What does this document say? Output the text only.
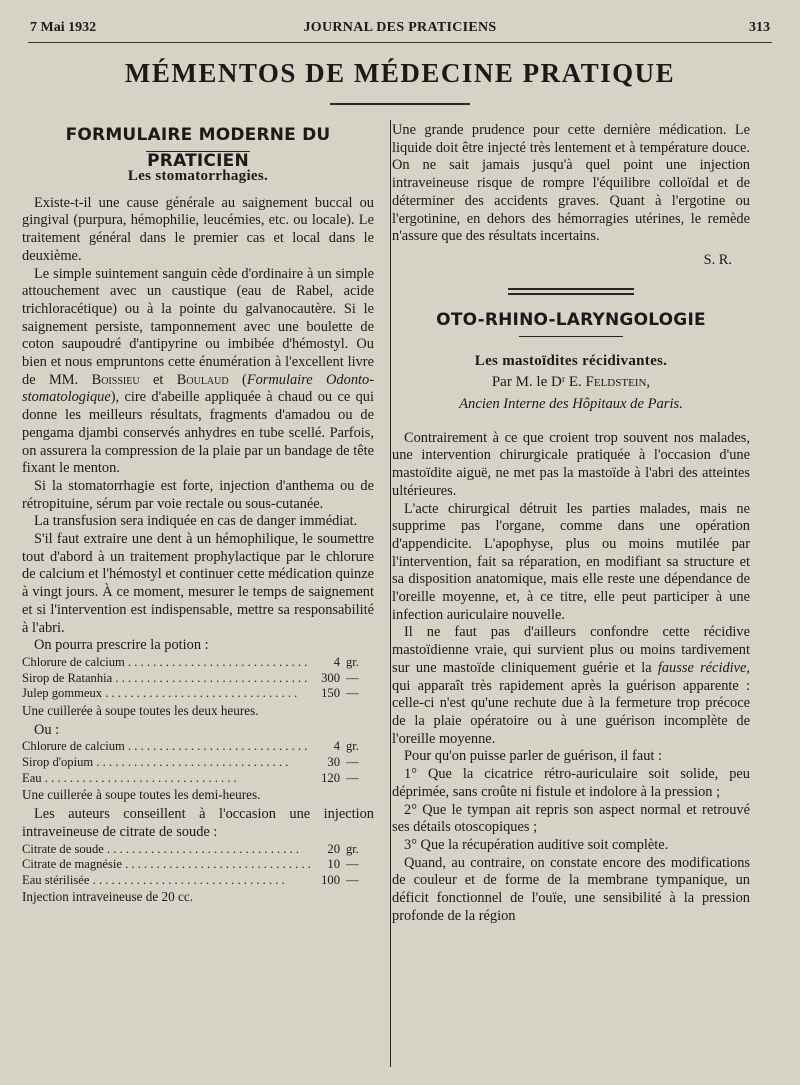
7 Mai 1932	JOURNAL DES PRATICIENS	313
MÉMENTOS DE MÉDECINE PRATIQUE
FORMULAIRE MODERNE DU PRATICIEN
Les stomatorrhagies.

Existe-t-il une cause générale au saignement buccal ou gingival (purpura, hémophilie, leucémies, etc. ou locale). Le traitement général dans le premier cas et local dans le deuxième.

Le simple suintement sanguin cède d'ordinaire à un simple attouchement avec un caustique (eau de Rabel, acide trichloracétique) ou à la pointe du galvanocautère. Si le saignement persiste, tamponnement avec une boulette de coton saupoudré d'antipyrine ou imbibée d'hémostyl. Ou bien et nous empruntons cette énumération à l'excellent livre de MM. Boissieu et Boulaud (Formulaire Odonto-stomatologique), cire d'abeille appliquée à chaud ou ce qui donne les meilleurs résultats, fragments d'amadou ou de pengama djambi conservés anhydres en tube scellé. Parfois, on assurera la compression de la plaie par un bandage de tête fixant le menton.

Si la stomatorrhagie est forte, injection d'anthema ou de rétropituine, sérum par voie rectale ou sous-cutanée.

La transfusion sera indiquée en cas de danger immédiat.

S'il faut extraire une dent à un hémophilique, le soumettre tout d'abord à un traitement prophylactique par le chlorure de calcium et l'hémostyl et continuer cette médication quinze à vingt jours. À ce moment, mesurer le temps de saignement et si l'intervention est indispensable, mettre sa responsabilité à l'abri.

On pourra prescrire la potion :

Chlorure de calcium . . .	4 gr.
Sirop de Ratanhia . . .	300 —
Julep gommeux . . .	150 —
Une cuillerée à soupe toutes les deux heures.

Ou :

Chlorure de calcium . . .	4 gr.
Sirop d'opium . . .	30 —
Eau . . .	120 —
Une cuillerée à soupe toutes les demi-heures.

Les auteurs conseillent à l'occasion une injection intraveineuse de citrate de soude :

Citrate de soude . . .	20 gr.
Citrate de magnésie . . .	10 —
Eau stérilisée . . .	100 —
Injection intraveineuse de 20 cc.

Une grande prudence pour cette dernière médication. Le liquide doit être injecté très lentement et à température douce. On ne sait jamais jusqu'à quel point une injection intraveineuse risque de rompre l'équilibre colloïdal et de déterminer des accidents graves. Quant à l'ergotine ou l'ergotinine, en dehors des hémorragies utérines, le remède n'assure que des résultats incertains.

S. R.
OTO-RHINO-LARYNGOLOGIE
Les mastoïdites récidivantes.
Par M. le Dʳ E. Feldstein,
Ancien Interne des Hôpitaux de Paris.

Contrairement à ce que croient trop souvent nos malades, une intervention chirurgicale pratiquée à l'occasion d'une mastoïdite aiguë, ne met pas la mastoïde à l'abri des atteintes ultérieures.

L'acte chirurgical détruit les parties malades, mais ne supprime pas l'organe, comme dans une opération d'appendicite. L'apophyse, plus ou moins mutilée par l'intervention, fait sa réparation, en modifiant sa structure et sa disposition anatomique, mais elle reste une dépendance de l'oreille moyenne, et, à ce titre, elle peut participer à une infection auriculaire nouvelle.

Il ne faut pas d'ailleurs confondre cette récidive mastoïdienne vraie, qui survient plus ou moins tardivement sur une mastoïde cliniquement guérie et la fausse récidive, qui apparaît très rapidement après la guérison apparente : celle-ci n'est qu'une rechute due à la fermeture trop précoce de la plaie opératoire ou à une guérison incomplète de l'oreille moyenne.

Pour qu'on puisse parler de guérison, il faut :

1° Que la cicatrice rétro-auriculaire soit solide, peu déprimée, sans croûte ni fistule et indolore à la pression ;

2° Que le tympan ait repris son aspect normal et retrouvé ses détails otoscopiques ;

3° Que la récupération auditive soit complète.

Quand, au contraire, on constate encore des modifications de couleur et de forme de la membrane tympanique, un déficit fonctionnel de l'ouïe, une sensibilité à la pression profonde de la région
